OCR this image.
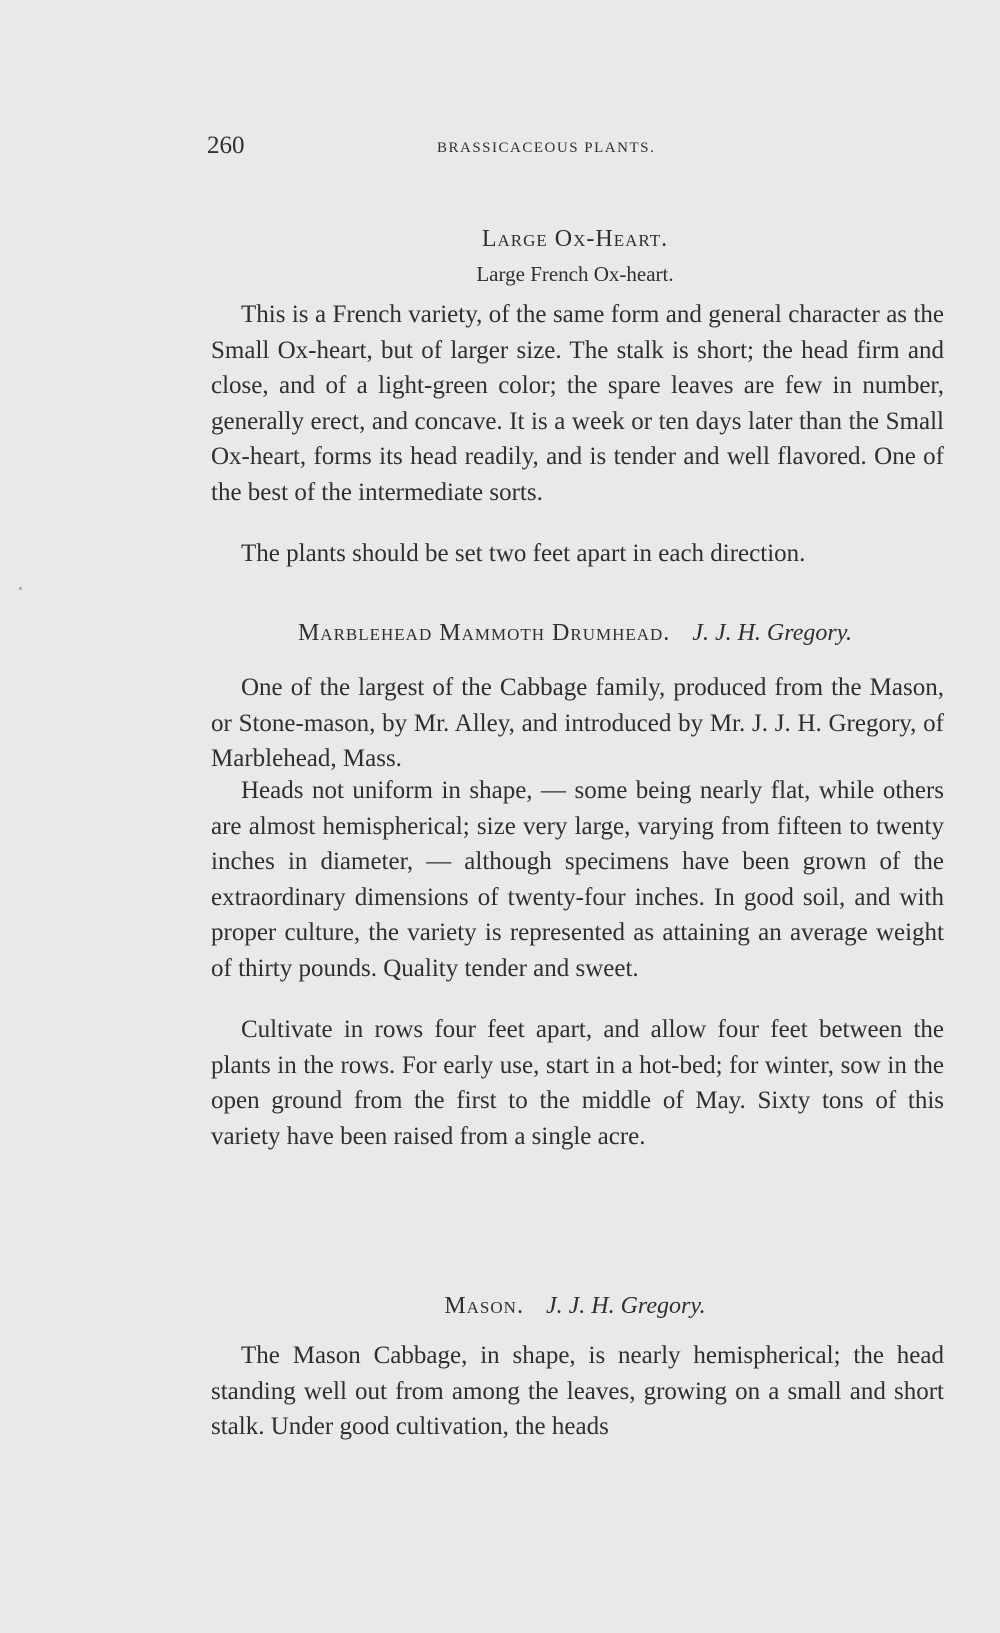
260	BRASSICACEOUS PLANTS.
Large Ox-Heart.
Large French Ox-heart.

This is a French variety, of the same form and general character as the Small Ox-heart, but of larger size. The stalk is short; the head firm and close, and of a light-green color; the spare leaves are few in number, generally erect, and concave. It is a week or ten days later than the Small Ox-heart, forms its head readily, and is tender and well flavored. One of the best of the intermediate sorts.

The plants should be set two feet apart in each direction.

Marblehead Mammoth Drumhead. J. J. H. Gregory.

One of the largest of the Cabbage family, produced from the Mason, or Stone-mason, by Mr. Alley, and introduced by Mr. J. J. H. Gregory, of Marblehead, Mass.

Heads not uniform in shape, — some being nearly flat, while others are almost hemispherical; size very large, varying from fifteen to twenty inches in diameter, — although specimens have been grown of the extraordinary dimensions of twenty-four inches. In good soil, and with proper culture, the variety is represented as attaining an average weight of thirty pounds. Quality tender and sweet.

Cultivate in rows four feet apart, and allow four feet between the plants in the rows. For early use, start in a hot-bed; for winter, sow in the open ground from the first to the middle of May. Sixty tons of this variety have been raised from a single acre.

Mason. J. J. H. Gregory.

The Mason Cabbage, in shape, is nearly hemispherical; the head standing well out from among the leaves, growing on a small and short stalk. Under good cultivation, the heads
